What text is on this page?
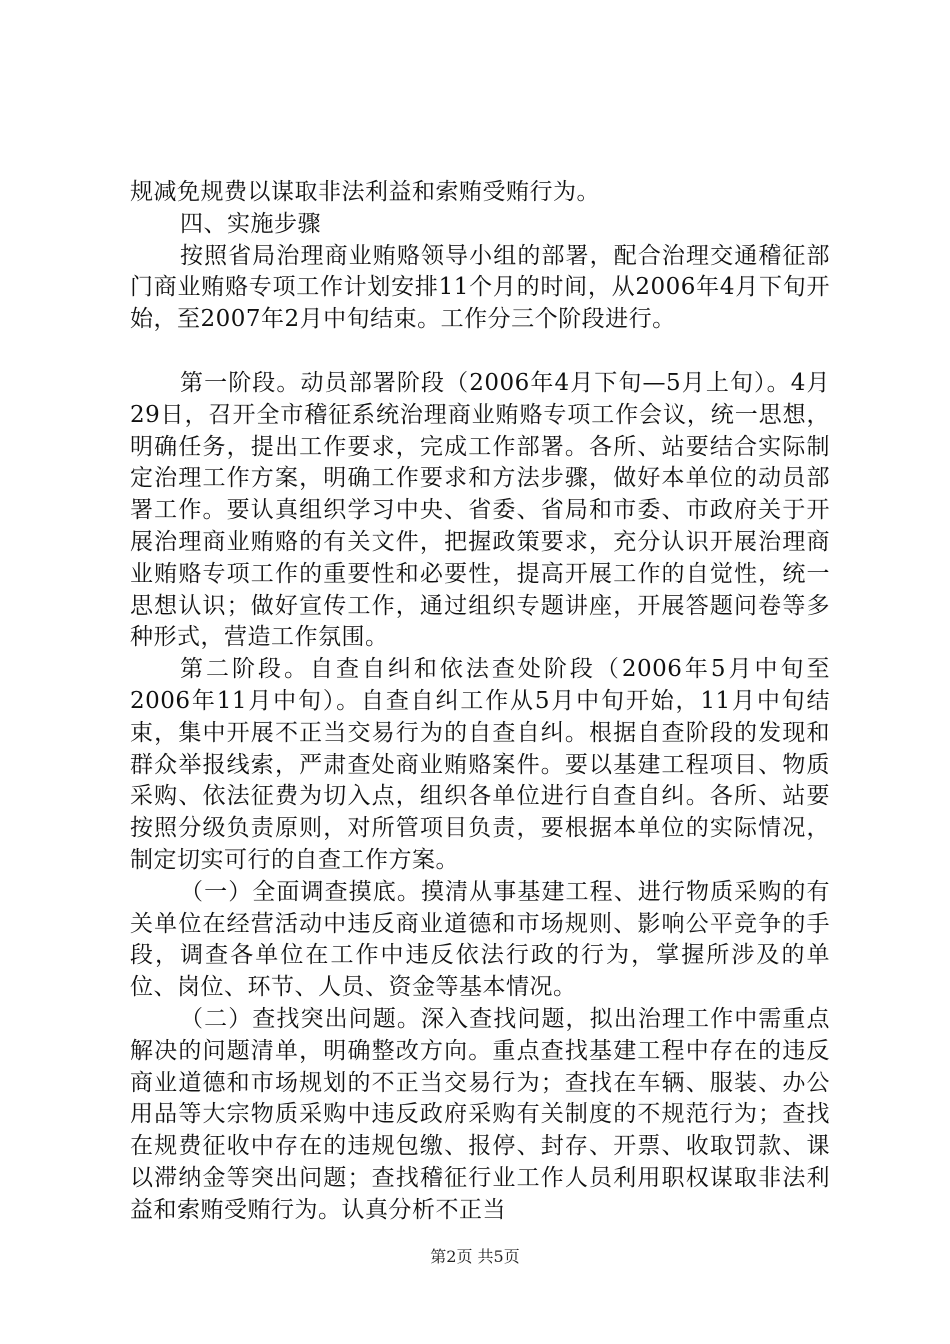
规减免规费以谋取非法利益和索贿受贿行为。

四、实施步骤

按照省局治理商业贿赂领导小组的部署，配合治理交通稽征部门商业贿赂专项工作计划安排11个月的时间，从2006年4月下旬开始，至2007年2月中旬结束。工作分三个阶段进行。

第一阶段。动员部署阶段（2006年4月下旬—5月上旬）。4月29日，召开全市稽征系统治理商业贿赂专项工作会议，统一思想，明确任务，提出工作要求，完成工作部署。各所、站要结合实际制定治理工作方案，明确工作要求和方法步骤，做好本单位的动员部署工作。要认真组织学习中央、省委、省局和市委、市政府关于开展治理商业贿赂的有关文件，把握政策要求，充分认识开展治理商业贿赂专项工作的重要性和必要性，提高开展工作的自觉性，统一思想认识；做好宣传工作，通过组织专题讲座，开展答题问卷等多种形式，营造工作氛围。

第二阶段。自查自纠和依法查处阶段（2006年5月中旬至2006年11月中旬）。自查自纠工作从5月中旬开始，11月中旬结束，集中开展不正当交易行为的自查自纠。根据自查阶段的发现和群众举报线索，严肃查处商业贿赂案件。要以基建工程项目、物质采购、依法征费为切入点，组织各单位进行自查自纠。各所、站要按照分级负责原则，对所管项目负责，要根据本单位的实际情况，制定切实可行的自查工作方案。

（一）全面调查摸底。摸清从事基建工程、进行物质采购的有关单位在经营活动中违反商业道德和市场规则、影响公平竞争的手段，调查各单位在工作中违反依法行政的行为，掌握所涉及的单位、岗位、环节、人员、资金等基本情况。

（二）查找突出问题。深入查找问题，拟出治理工作中需重点解决的问题清单，明确整改方向。重点查找基建工程中存在的违反商业道德和市场规划的不正当交易行为；查找在车辆、服装、办公用品等大宗物质采购中违反政府采购有关制度的不规范行为；查找在规费征收中存在的违规包缴、报停、封存、开票、收取罚款、课以滞纳金等突出问题；查找稽征行业工作人员利用职权谋取非法利益和索贿受贿行为。认真分析不正当

第2页 共5页
